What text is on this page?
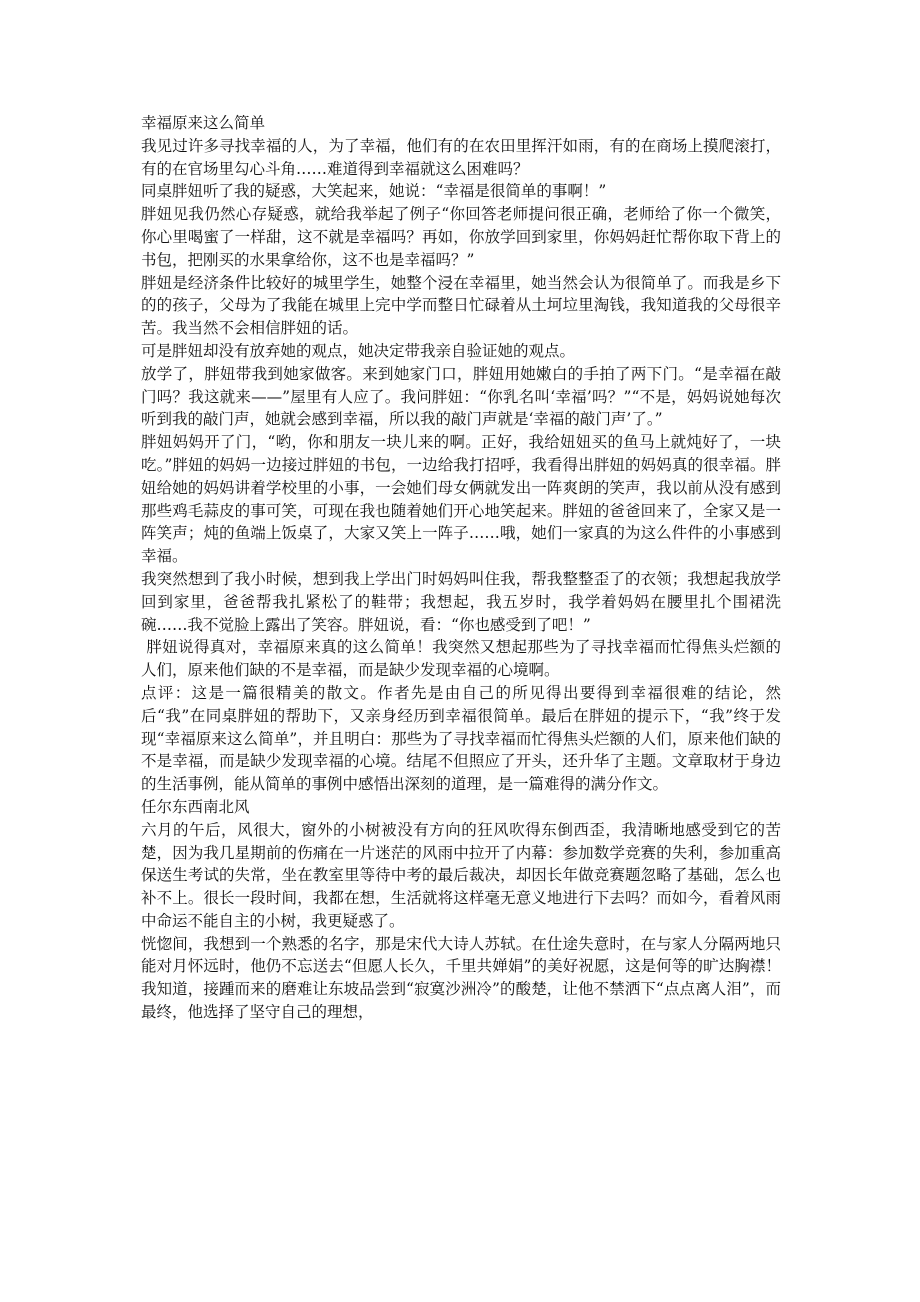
幸福原来这么简单

我见过许多寻找幸福的人，为了幸福，他们有的在农田里挥汗如雨，有的在商场上摸爬滚打，有的在官场里勾心斗角……难道得到幸福就这么困难吗？

同桌胖妞听了我的疑惑，大笑起来，她说：“幸福是很简单的事啊！”

胖妞见我仍然心存疑惑，就给我举起了例子“你回答老师提问很正确，老师给了你一个微笑，你心里喝蜜了一样甜，这不就是幸福吗？再如，你放学回到家里，你妈妈赶忙帮你取下背上的书包，把刚买的水果拿给你，这不也是幸福吗？”

胖妞是经济条件比较好的城里学生，她整个浸在幸福里，她当然会认为很简单了。而我是乡下的的孩子，父母为了我能在城里上完中学而整日忙碌着从土坷垃里淘钱，我知道我的父母很辛苦。我当然不会相信胖妞的话。

可是胖妞却没有放弃她的观点，她决定带我亲自验证她的观点。

放学了，胖妞带我到她家做客。来到她家门口，胖妞用她嫩白的手拍了两下门。“是幸福在敲门吗？我这就来——”屋里有人应了。我问胖妞：“你乳名叫‘幸福’吗？”“不是，妈妈说她每次听到我的敲门声，她就会感到幸福，所以我的敲门声就是‘幸福的敲门声’了。”

胖妞妈妈开了门，“哟，你和朋友一块儿来的啊。正好，我给妞妞买的鱼马上就炖好了，一块吃。”胖妞的妈妈一边接过胖妞的书包，一边给我打招呼，我看得出胖妞的妈妈真的很幸福。胖妞给她的妈妈讲着学校里的小事，一会她们母女俩就发出一阵爽朗的笑声，我以前从没有感到那些鸡毛蒜皮的事可笑，可现在我也随着她们开心地笑起来。胖妞的爸爸回来了，全家又是一阵笑声；炖的鱼端上饭桌了，大家又笑上一阵子……哦，她们一家真的为这么件件的小事感到幸福。

我突然想到了我小时候，想到我上学出门时妈妈叫住我，帮我整整歪了的衣领；我想起我放学回到家里，爸爸帮我扎紧松了的鞋带；我想起，我五岁时，我学着妈妈在腰里扎个围裙洗碗……我不觉脸上露出了笑容。胖妞说，看：“你也感受到了吧！”

胖妞说得真对，幸福原来真的这么简单！我突然又想起那些为了寻找幸福而忙得焦头烂额的人们，原来他们缺的不是幸福，而是缺少发现幸福的心境啊。

点评：这是一篇很精美的散文。作者先是由自己的所见得出要得到幸福很难的结论，然后“我”在同桌胖妞的帮助下，又亲身经历到幸福很简单。最后在胖妞的提示下，“我”终于发现“幸福原来这么简单”，并且明白：那些为了寻找幸福而忙得焦头烂额的人们，原来他们缺的不是幸福，而是缺少发现幸福的心境。结尾不但照应了开头，还升华了主题。文章取材于身边的生活事例，能从简单的事例中感悟出深刻的道理，是一篇难得的满分作文。

任尔东西南北风

六月的午后，风很大，窗外的小树被没有方向的狂风吹得东倒西歪，我清晰地感受到它的苦楚，因为我几星期前的伤痛在一片迷茫的风雨中拉开了内幕：参加数学竞赛的失利，参加重高保送生考试的失常，坐在教室里等待中考的最后裁决，却因长年做竞赛题忽略了基础，怎么也补不上。很长一段时间，我都在想，生活就将这样毫无意义地进行下去吗？而如今，看着风雨中命运不能自主的小树，我更疑惑了。

恍惚间，我想到一个熟悉的名字，那是宋代大诗人苏轼。在仕途失意时，在与家人分隔两地只能对月怀远时，他仍不忘送去“但愿人长久，千里共婵娟”的美好祝愿，这是何等的旷达胸襟！我知道，接踵而来的磨难让东坡品尝到“寂寞沙洲冷”的酸楚，让他不禁洒下“点点离人泪”，而最终，他选择了坚守自己的理想，
